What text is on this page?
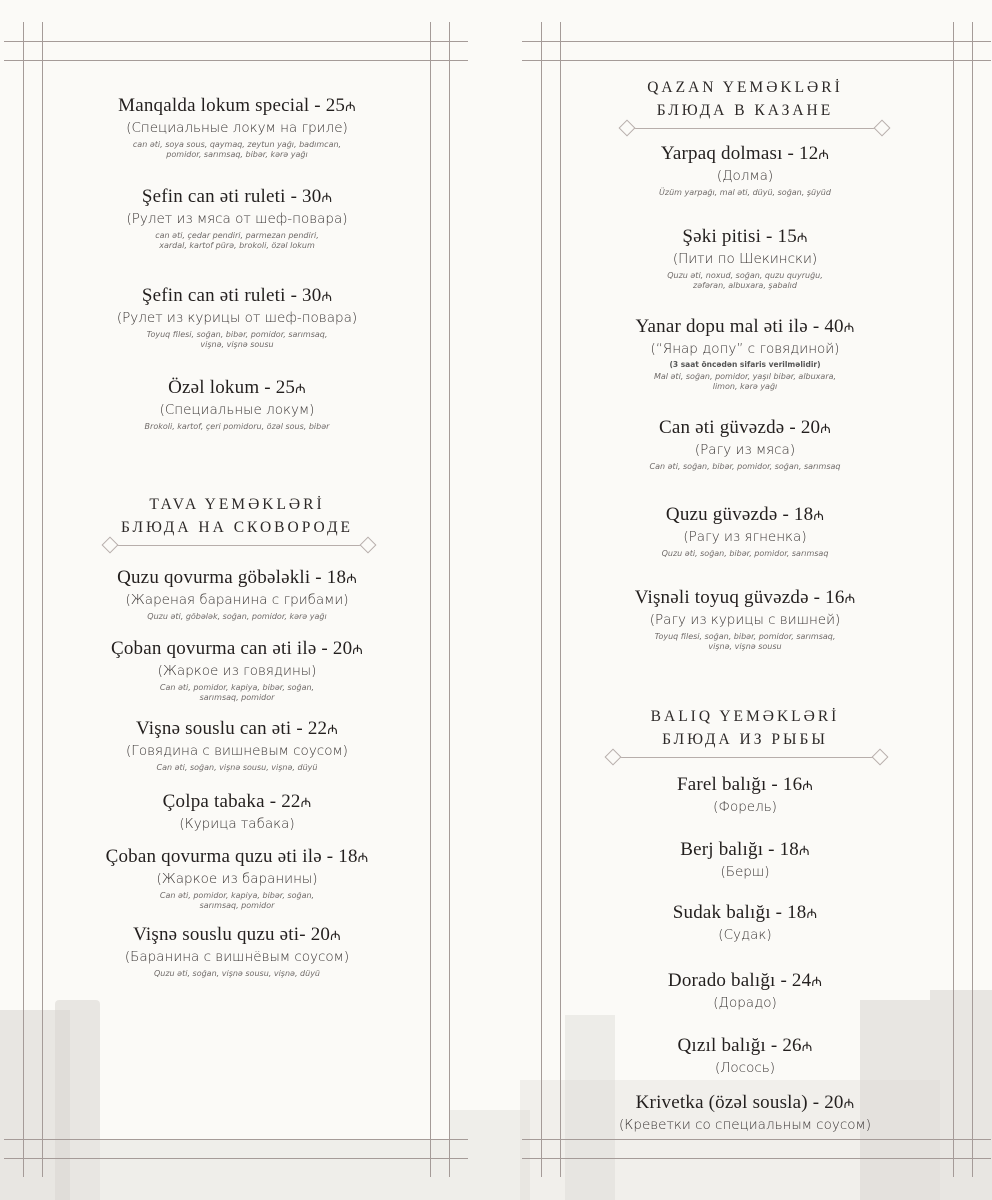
Manqalda lokum special - 25₼
(Специальные локум на гриле)
can əti, soya sous, qaymaq, zeytun yağı, badımcan,
pomidor, sarımsaq, bibər, kərə yağı
Şefin can əti ruleti - 30₼
(Рулет из мяса от шеф-повара)
can əti, çedar pendiri, parmezan pendiri,
xardal, kartof pürə, brokoli, özəl lokum
Şefin can əti ruleti - 30₼
(Рулет из курицы от шеф-повара)
Toyuq filesi, soğan, bibər, pomidor, sarımsaq,
vişnə, vişnə sousu
Özəl lokum - 25₼
(Специальные локум)
Brokoli, kartof, çeri pomidoru, özəl sous, bibər
TAVA YEMƏKLƏRİ
БЛЮДА НА СКОВОРОДЕ
Quzu qovurma göbələkli - 18₼
(Жареная баранина с грибами)
Quzu əti, göbələk, soğan, pomidor, kərə yağı
Çoban qovurma can əti ilə - 20₼
(Жаркое из говядины)
Can əti, pomidor, kapiya, bibər, soğan,
sarımsaq, pomidor
Vişnə souslu can əti - 22₼
(Говядина с вишневым соусом)
Can əti, soğan, vişnə sousu, vişnə, düyü
Çolpa tabaka - 22₼
(Курица табака)
Çoban qovurma quzu əti ilə - 18₼
(Жаркое из баранины)
Can əti, pomidor, kapiya, bibər, soğan,
sarımsaq, pomidor
Vişnə souslu quzu əti- 20₼
(Баранина с вишнёвым соусом)
Quzu əti, soğan, vişnə sousu, vişnə, düyü
QAZAN YEMƏKLƏRİ
БЛЮДА В КАЗАНЕ
Yarpaq dolması - 12₼
(Долма)
Üzüm yarpağı, mal əti, düyü, soğan, şüyüd
Şəki pitisi - 15₼
(Пити по Шекински)
Quzu əti, noxud, soğan, quzu quyruğu,
zəfəran, albuxara, şabalıd
Yanar dopu mal əti ilə - 40₼
(“Янар допу” с говядиной)
(3 saat öncədən sifaris verilməlidir)
Mal əti, soğan, pomidor, yaşıl bibər, albuxara,
limon, kərə yağı
Can əti güvəzdə - 20₼
(Рагу из мяса)
Can əti, soğan, bibər, pomidor, soğan, sarımsaq
Quzu güvəzdə - 18₼
(Рагу из ягненка)
Quzu əti, soğan, bibər, pomidor, sarımsaq
Vişnəli toyuq güvəzdə - 16₼
(Рагу из курицы с вишней)
Toyuq filesi, soğan, bibər, pomidor, sarımsaq,
vişnə, vişnə sousu
BALIQ YEMƏKLƏRİ
БЛЮДА ИЗ РЫБЫ
Farel balığı - 16₼
(Форель)
Berj balığı - 18₼
(Берш)
Sudak balığı - 18₼
(Судак)
Dorado balığı - 24₼
(Дорадо)
Qızıl balığı - 26₼
(Лосось)
Krivetka (özəl sousla) - 20₼
(Креветки со специальным соусом)
